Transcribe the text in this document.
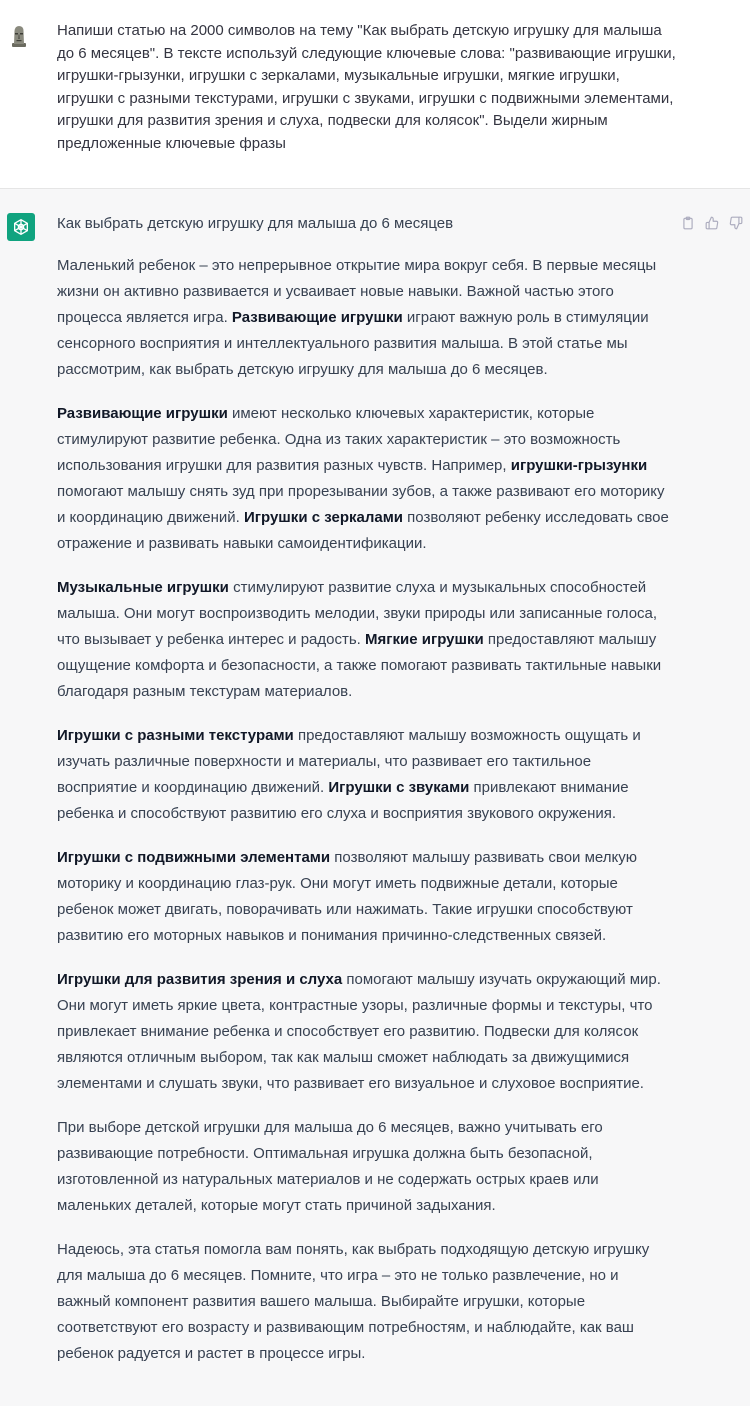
Напиши статью на 2000 символов на тему "Как выбрать детскую игрушку для малыша до 6 месяцев". В тексте используй следующие ключевые слова: "развивающие игрушки, игрушки-грызунки, игрушки с зеркалами, музыкальные игрушки, мягкие игрушки, игрушки с разными текстурами, игрушки с звуками, игрушки с подвижными элементами, игрушки для развития зрения и слуха, подвески для колясок". Выдели жирным предложенные ключевые фразы

Как выбрать детскую игрушку для малыша до 6 месяцев

Маленький ребенок – это непрерывное открытие мира вокруг себя. В первые месяцы жизни он активно развивается и усваивает новые навыки. Важной частью этого процесса является игра. Развивающие игрушки играют важную роль в стимуляции сенсорного восприятия и интеллектуального развития малыша. В этой статье мы рассмотрим, как выбрать детскую игрушку для малыша до 6 месяцев.

Развивающие игрушки имеют несколько ключевых характеристик, которые стимулируют развитие ребенка. Одна из таких характеристик – это возможность использования игрушки для развития разных чувств. Например, игрушки-грызунки помогают малышу снять зуд при прорезывании зубов, а также развивают его моторику и координацию движений. Игрушки с зеркалами позволяют ребенку исследовать свое отражение и развивать навыки самоидентификации.

Музыкальные игрушки стимулируют развитие слуха и музыкальных способностей малыша. Они могут воспроизводить мелодии, звуки природы или записанные голоса, что вызывает у ребенка интерес и радость. Мягкие игрушки предоставляют малышу ощущение комфорта и безопасности, а также помогают развивать тактильные навыки благодаря разным текстурам материалов.

Игрушки с разными текстурами предоставляют малышу возможность ощущать и изучать различные поверхности и материалы, что развивает его тактильное восприятие и координацию движений. Игрушки с звуками привлекают внимание ребенка и способствуют развитию его слуха и восприятия звукового окружения.

Игрушки с подвижными элементами позволяют малышу развивать свои мелкую моторику и координацию глаз-рук. Они могут иметь подвижные детали, которые ребенок может двигать, поворачивать или нажимать. Такие игрушки способствуют развитию его моторных навыков и понимания причинно-следственных связей.

Игрушки для развития зрения и слуха помогают малышу изучать окружающий мир. Они могут иметь яркие цвета, контрастные узоры, различные формы и текстуры, что привлекает внимание ребенка и способствует его развитию. Подвески для колясок являются отличным выбором, так как малыш сможет наблюдать за движущимися элементами и слушать звуки, что развивает его визуальное и слуховое восприятие.

При выборе детской игрушки для малыша до 6 месяцев, важно учитывать его развивающие потребности. Оптимальная игрушка должна быть безопасной, изготовленной из натуральных материалов и не содержать острых краев или маленьких деталей, которые могут стать причиной задыхания.

Надеюсь, эта статья помогла вам понять, как выбрать подходящую детскую игрушку для малыша до 6 месяцев. Помните, что игра – это не только развлечение, но и важный компонент развития вашего малыша. Выбирайте игрушки, которые соответствуют его возрасту и развивающим потребностям, и наблюдайте, как ваш ребенок радуется и растет в процессе игры.
